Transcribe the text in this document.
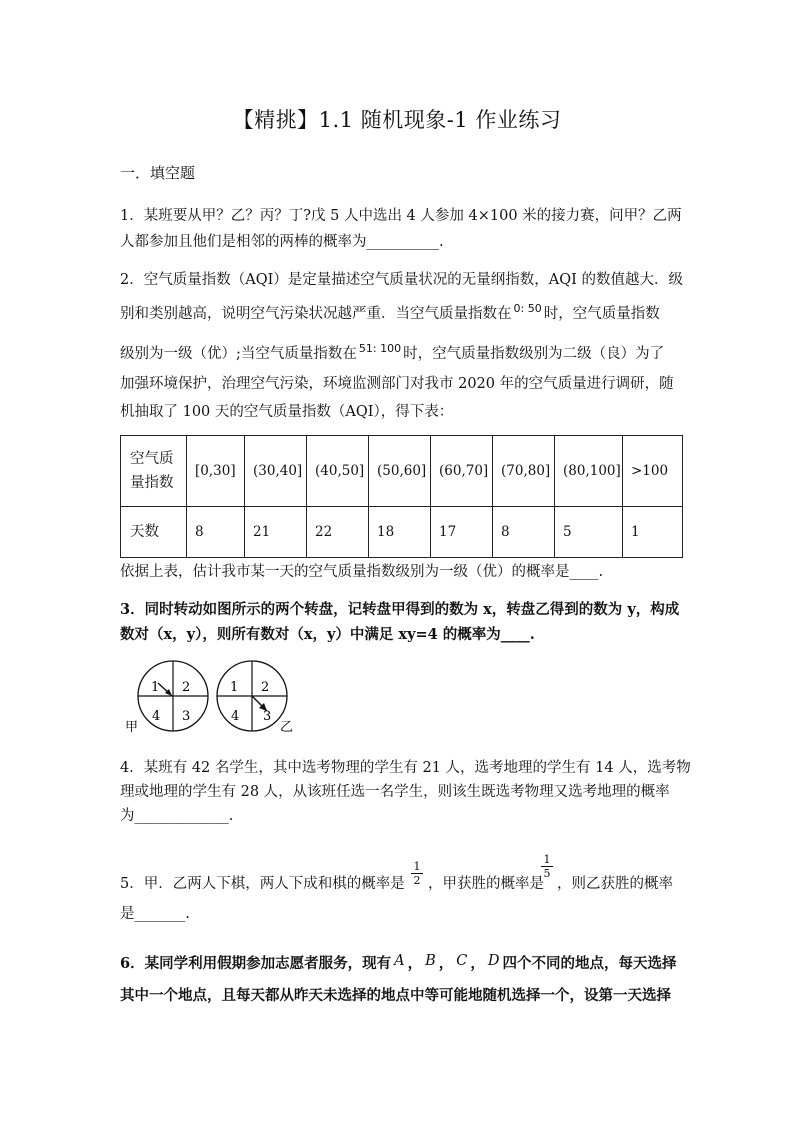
【精挑】1.1 随机现象-1 作业练习
一．填空题
1．某班要从甲？乙？丙？丁?戊 5 人中选出 4 人参加 4×100 米的接力赛，问甲？乙两
人都参加且他们是相邻的两棒的概率为__________.
2．空气质量指数（AQI）是定量描述空气质量状况的无量纲指数，AQI 的数值越大．级
别和类别越高，说明空气污染状况越严重．当空气质量指数在 $^{0: 50}$ 时，空气质量指数
级别为一级（优）;当空气质量指数在 $^{51: 100}$ 时，空气质量指数级别为二级（良）为了
加强环境保护，治理空气污染，环境监测部门对我市 2020 年的空气质量进行调研，随
机抽取了 100 天的空气质量指数（AQI），得下表：
空气质量指数	[0,30]	(30,40]	(40,50]	(50,60]	(60,70]	(70,80]	(80,100]	>100
天数	8	21	22	18	17	8	5	1
依据上表，估计我市某一天的空气质量指数级别为一级（优）的概率是____.
3．同时转动如图所示的两个转盘，记转盘甲得到的数为 x，转盘乙得到的数为 y，构成
数对（x，y），则所有数对（x，y）中满足 xy=4 的概率为____.
1 2
4 3
甲
1 2
4 3
乙
4．某班有 42 名学生，其中选考物理的学生有 21 人，选考地理的学生有 14 人，选考物
理或地理的学生有 28 人，从该班任选一名学生，则该生既选考物理又选考地理的概率
为_____________.
5．甲．乙两人下棋，两人下成和棋的概率是 $\frac{1}{2}$ ，甲获胜的概率是
$\frac{1}{5}$
，则乙获胜的概率
是_______.
6．某同学利用假期参加志愿者服务，现有 A ， B ， C ， D 四个不同的地点，每天选择
其中一个地点，且每天都从昨天未选择的地点中等可能地随机选择一个，设第一天选择
